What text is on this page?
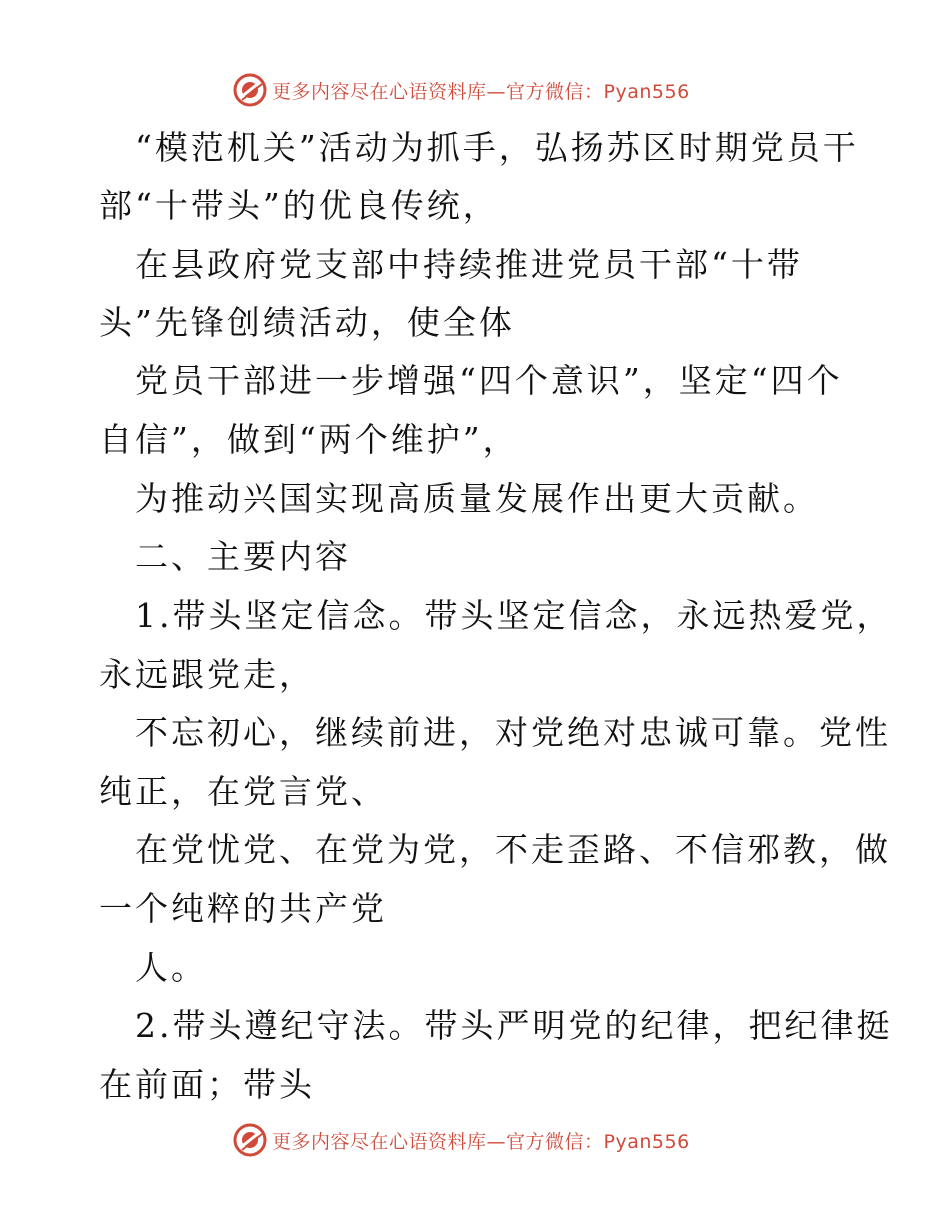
更多内容尽在心语资料库—官方微信：Pyan556
“模范机关”活动为抓手，弘扬苏区时期党员干
部“十带头”的优良传统，
在县政府党支部中持续推进党员干部“十带
头”先锋创绩活动，使全体
党员干部进一步增强“四个意识”，坚定“四个
自信”，做到“两个维护”，
为推动兴国实现高质量发展作出更大贡献。
二、主要内容
1.带头坚定信念。带头坚定信念，永远热爱党，
永远跟党走，
不忘初心，继续前进，对党绝对忠诚可靠。党性
纯正，在党言党、
在党忧党、在党为党，不走歪路、不信邪教，做
一个纯粹的共产党
人。
2.带头遵纪守法。带头严明党的纪律，把纪律挺
在前面；带头
更多内容尽在心语资料库—官方微信：Pyan556
